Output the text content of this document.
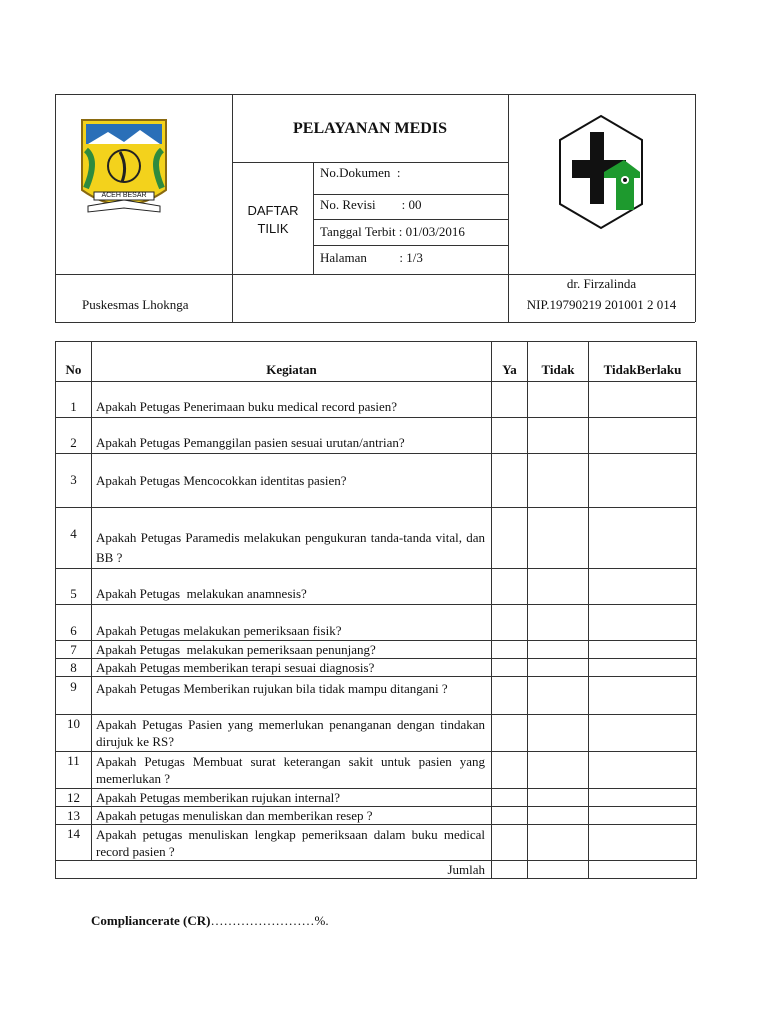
ACEH BESAR
PELAYANAN MEDIS
DAFTAR TILIK
No.Dokumen  :
No. Revisi        : 00
Tanggal Terbit : 01/03/2016
Halaman          : 1/3
Puskesmas Lhoknga
dr. Firzalinda
NIP.19790219 201001 2 014
No	Kegiatan	Ya	Tidak	TidakBerlaku
1	Apakah Petugas Penerimaan buku medical record pasien?			
2	Apakah Petugas Pemanggilan pasien sesuai urutan/antrian?			
3	Apakah Petugas Mencocokkan identitas pasien?			
4	Apakah Petugas Paramedis melakukan pengukuran tanda-tanda vital, dan BB ?			
5	Apakah Petugas  melakukan anamnesis?			
6	Apakah Petugas melakukan pemeriksaan fisik?			
7	Apakah Petugas  melakukan pemeriksaan penunjang?			
8	Apakah Petugas memberikan terapi sesuai diagnosis?			
9	Apakah Petugas Memberikan rujukan bila tidak mampu ditangani ?			
10	Apakah Petugas Pasien yang memerlukan penanganan dengan tindakan dirujuk ke RS?			
11	Apakah Petugas Membuat surat keterangan sakit untuk pasien yang memerlukan ?			
12	Apakah Petugas memberikan rujukan internal?			
13	Apakah petugas menuliskan dan memberikan resep ?			
14	Apakah petugas menuliskan lengkap pemeriksaan dalam buku medical record pasien ?			
Jumlah				
Compliancerate (CR)……………………%.
